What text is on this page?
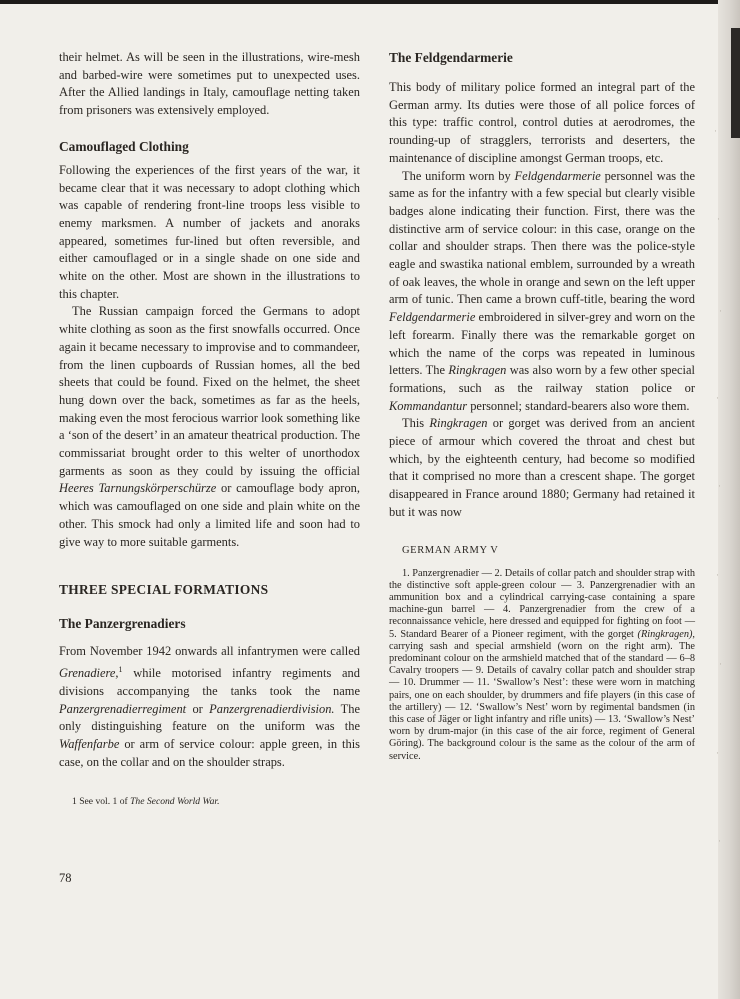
their helmet. As will be seen in the illustrations, wire-mesh and barbed-wire were sometimes put to unexpected uses. After the Allied landings in Italy, camouflage netting taken from prisoners was extensively employed.

Camouflaged Clothing

Following the experiences of the first years of the war, it became clear that it was necessary to adopt clothing which was capable of rendering front-line troops less visible to enemy marksmen. A number of jackets and anoraks appeared, sometimes fur-lined but often reversible, and either camouflaged or in a single shade on one side and white on the other. Most are shown in the illustrations to this chapter.

The Russian campaign forced the Germans to adopt white clothing as soon as the first snowfalls occurred. Once again it became necessary to improvise and to commandeer, from the linen cupboards of Russian homes, all the bed sheets that could be found. Fixed on the helmet, the sheet hung down over the back, sometimes as far as the heels, making even the most ferocious warrior look something like a ‘son of the desert’ in an amateur theatrical production. The commissariat brought order to this welter of unorthodox garments as soon as they could by issuing the official Heeres Tarnungskörperschürze or camouflage body apron, which was camouflaged on one side and plain white on the other. This smock had only a limited life and soon had to give way to more suitable garments.

THREE SPECIAL FORMATIONS
The Panzergrenadiers

From November 1942 onwards all infantrymen were called Grenadiere,$^1$ while motorised infantry regiments and divisions accompanying the tanks took the name Panzergrenadierregiment or Panzergrenadierdivision. The only distinguishing feature on the uniform was the Waffenfarbe or arm of service colour: apple green, in this case, on the collar and on the shoulder straps.

1 See vol. 1 of The Second World War.

78
The Feldgendarmerie

This body of military police formed an integral part of the German army. Its duties were those of all police forces of this type: traffic control, control duties at aerodromes, the rounding-up of stragglers, terrorists and deserters, the maintenance of discipline amongst German troops, etc.

The uniform worn by Feldgendarmerie personnel was the same as for the infantry with a few special but clearly visible badges alone indicating their function. First, there was the distinctive arm of service colour: in this case, orange on the collar and shoulder straps. Then there was the police-style eagle and swastika national emblem, surrounded by a wreath of oak leaves, the whole in orange and sewn on the left upper arm of tunic. Then came a brown cuff-title, bearing the word Feldgendarmerie embroidered in silver-grey and worn on the left forearm. Finally there was the remarkable gorget on which the name of the corps was repeated in luminous letters. The Ringkragen was also worn by a few other special formations, such as the railway station police or Kommandantur personnel; standard-bearers also wore them.

This Ringkragen or gorget was derived from an ancient piece of armour which covered the throat and chest but which, by the eighteenth century, had become so modified that it comprised no more than a crescent shape. The gorget disappeared in France around 1880; Germany had retained it but it was now

GERMAN ARMY V

1. Panzergrenadier — 2. Details of collar patch and shoulder strap with the distinctive soft apple-green colour — 3. Panzergrenadier with an ammunition box and a cylindrical carrying-case containing a spare machine-gun barrel — 4. Panzergrenadier from the crew of a reconnaissance vehicle, here dressed and equipped for fighting on foot — 5. Standard Bearer of a Pioneer regiment, with the gorget (Ringkragen), carrying sash and special armshield (worn on the right arm). The predominant colour on the armshield matched that of the standard — 6–8 Cavalry troopers — 9. Details of cavalry collar patch and shoulder strap — 10. Drummer — 11. ‘Swallow’s Nest’: these were worn in matching pairs, one on each shoulder, by drummers and fife players (in this case of the artillery) — 12. ‘Swallow’s Nest’ worn by regimental bandsmen (in this case of Jäger or light infantry and rifle units) — 13. ‘Swallow’s Nest’ worn by drum-major (in this case of the air force, regiment of General Göring). The background colour is the same as the colour of the arm of service.

·
·
·
·
·
·
·
·
·
